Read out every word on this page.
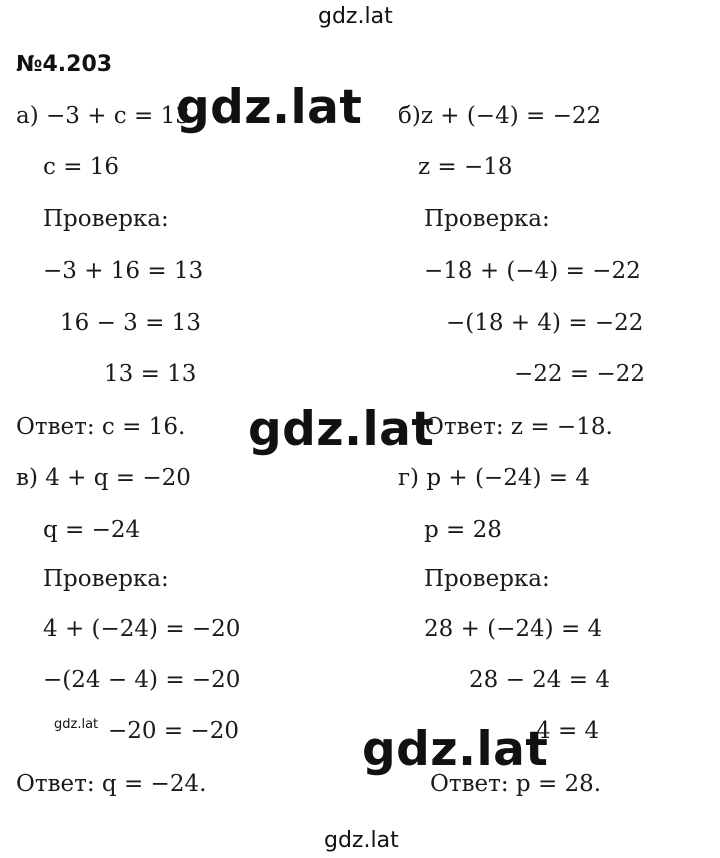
gdz.lat
№4.203
а) −3 + c = 13
c = 16
Проверка:
−3 + 16 = 13
16 − 3 = 13
13 = 13
Ответ: c = 16.
в) 4 + q = −20
q = −24
Проверка:
4 + (−24) = −20
−(24 − 4) = −20
−20 = −20
Ответ: q = −24.
б)z + (−4) = −22
z = −18
Проверка:
−18 + (−4) = −22
−(18 + 4) = −22
−22 = −22
Ответ: z = −18.
г) p + (−24) = 4
p = 28
Проверка:
28 + (−24) = 4
28 − 24 = 4
4 = 4
Ответ: p = 28.
gdz.lat
gdz.lat
gdz.lat
gdz.lat
gdz.lat
